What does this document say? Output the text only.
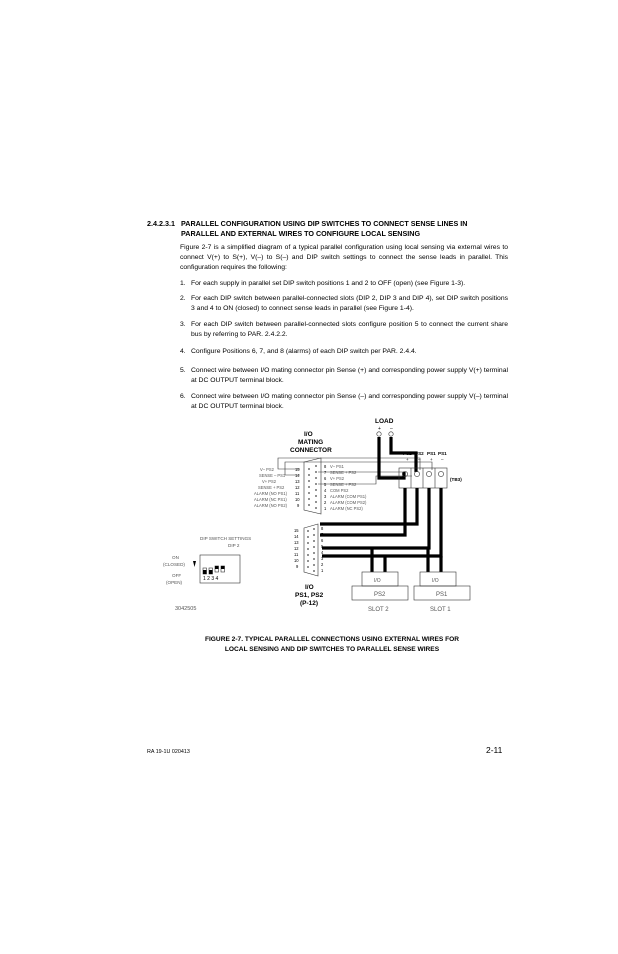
2.4.2.3.1 PARALLEL CONFIGURATION USING DIP SWITCHES TO CONNECT SENSE LINES IN
PARALLEL AND EXTERNAL WIRES TO CONFIGURE LOCAL SENSING
Figure 2-7 is a simplified diagram of a typical parallel configuration using local sensing via external wires to connect V(+) to S(+), V(–) to S(–) and DIP switch settings to connect the sense leads in parallel. This configuration requires the following:
1. For each supply in parallel set DIP switch positions 1 and 2 to OFF (open) (see Figure 1-3).
2. For each DIP switch between parallel-connected slots (DIP 2, DIP 3 and DIP 4), set DIP switch positions 3 and 4 to ON (closed) to connect sense leads in parallel (see Figure 1-4).
3. For each DIP switch between parallel-connected slots configure position 5 to connect the current share bus by referring to PAR. 2.4.2.2.
4. Configure Positions 6, 7, and 8 (alarms) of each DIP switch per PAR. 2.4.4.
5. Connect wire between I/O mating connector pin Sense (+) and corresponding power supply V(+) terminal at DC OUTPUT terminal block.
6. Connect wire between I/O mating connector pin Sense (–) and corresponding power supply V(–) terminal at DC OUTPUT terminal block.
LOAD
+ –
I/O
MATING
CONNECTOR
V– PS2	15
SENSE – PS1 14
V+ PS2	13
SENSE + PS2	12
ALARM (NO PS1) 11
ALARM (NC PS1) 10
ALARM (NO PS2) 9
8 V– PS1
7 SENSE + PS2
6 V+ PS2
5 SENSE + PS2
4 COM PS2
3 ALARM (COM PS1)
2 ALARM (COM PS2)
1 ALARM (NC PS2)
PS2 PS2 PS1 PS1
+ – + –
(TB3)
DIP SWITCH SETTINGS
DIP 2
ON
(CLOSED)
OFF
(OPEN)
1 2 3 4
15
14
13
12
11
10
9
8
7
6
5
4
3
2
1
I/O
PS1, PS2
(P-12)
I/O
PS2
SLOT 2
I/O
PS1
SLOT 1
3042505
FIGURE 2-7. TYPICAL PARALLEL CONNECTIONS USING EXTERNAL WIRES FOR
LOCAL SENSING AND DIP SWITCHES TO PARALLEL SENSE WIRES
RA 19-1U 020413	2-11
